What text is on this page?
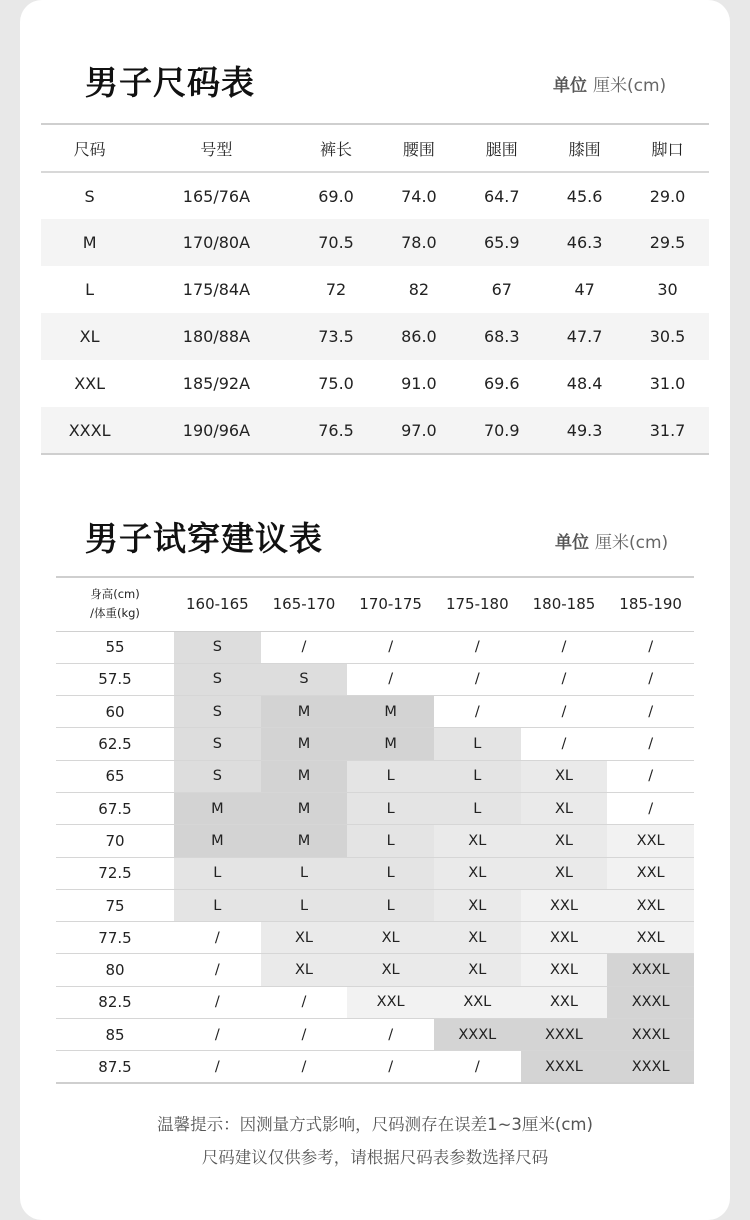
男子尺码表	单位 厘米(cm)
尺码	号型	裤长	腰围	腿围	膝围	脚口
S	165/76A	69.0	74.0	64.7	45.6	29.0
M	170/80A	70.5	78.0	65.9	46.3	29.5
L	175/84A	72	82	67	47	30
XL	180/88A	73.5	86.0	68.3	47.7	30.5
XXL	185/92A	75.0	91.0	69.6	48.4	31.0
XXXL	190/96A	76.5	97.0	70.9	49.3	31.7
男子试穿建议表	单位 厘米(cm)
身高(cm)
/体重(kg)	160-165	165-170	170-175	175-180	180-185	185-190
55	S	/	/	/	/	/
57.5	S	S	/	/	/	/
60	S	M	M	/	/	/
62.5	S	M	M	L	/	/
65	S	M	L	L	XL	/
67.5	M	M	L	L	XL	/
70	M	M	L	XL	XL	XXL
72.5	L	L	L	XL	XL	XXL
75	L	L	L	XL	XXL	XXL
77.5	/	XL	XL	XL	XXL	XXL
80	/	XL	XL	XL	XXL	XXXL
82.5	/	/	XXL	XXL	XXL	XXXL
85	/	/	/	XXXL	XXXL	XXXL
87.5	/	/	/	/	XXXL	XXXL
温馨提示：因测量方式影响，尺码测存在误差1~3厘米(cm)
尺码建议仅供参考，请根据尺码表参数选择尺码
